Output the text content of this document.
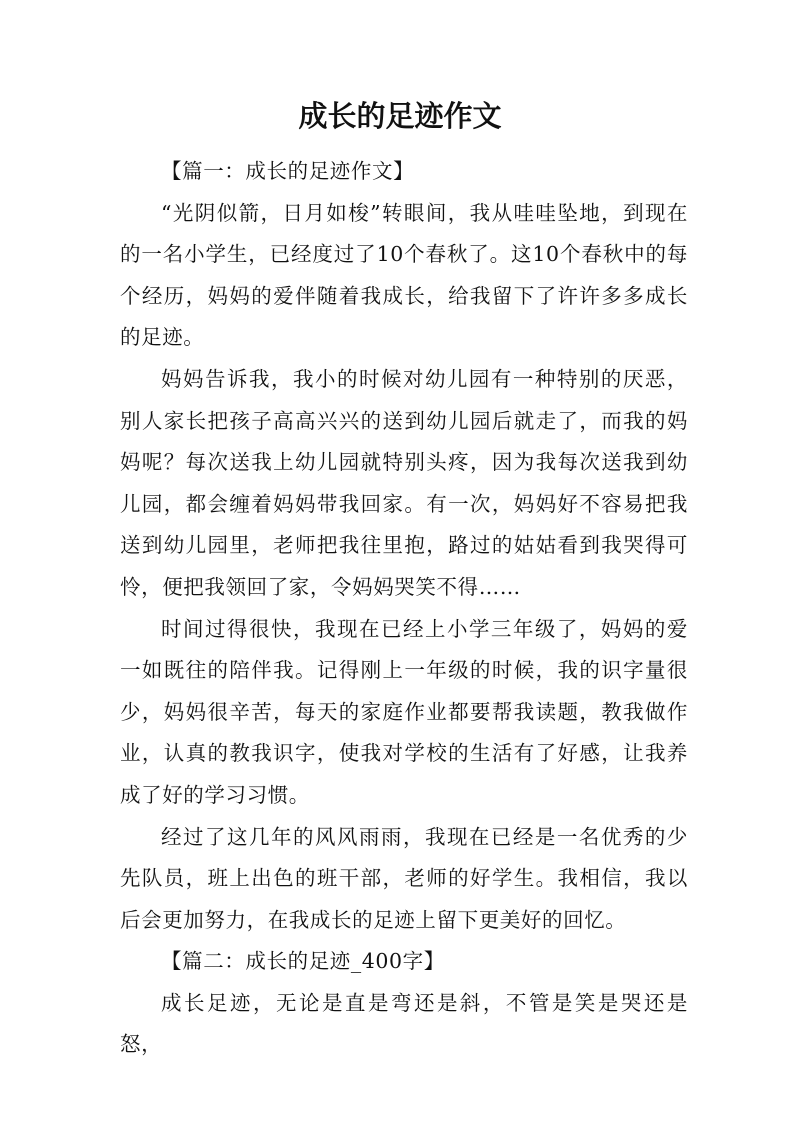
成长的足迹作文

【篇一：成长的足迹作文】

“光阴似箭，日月如梭”转眼间，我从哇哇坠地，到现在的一名小学生，已经度过了10个春秋了。这10个春秋中的每个经历，妈妈的爱伴随着我成长，给我留下了许许多多成长的足迹。

妈妈告诉我，我小的时候对幼儿园有一种特别的厌恶，别人家长把孩子高高兴兴的送到幼儿园后就走了，而我的妈妈呢？每次送我上幼儿园就特别头疼，因为我每次送我到幼儿园，都会缠着妈妈带我回家。有一次，妈妈好不容易把我送到幼儿园里，老师把我往里抱，路过的姑姑看到我哭得可怜，便把我领回了家，令妈妈哭笑不得……

时间过得很快，我现在已经上小学三年级了，妈妈的爱一如既往的陪伴我。记得刚上一年级的时候，我的识字量很少，妈妈很辛苦，每天的家庭作业都要帮我读题，教我做作业，认真的教我识字，使我对学校的生活有了好感，让我养成了好的学习习惯。

经过了这几年的风风雨雨，我现在已经是一名优秀的少先队员，班上出色的班干部，老师的好学生。我相信，我以后会更加努力，在我成长的足迹上留下更美好的回忆。

【篇二：成长的足迹_400字】

成长足迹，无论是直是弯还是斜，不管是笑是哭还是怒，
